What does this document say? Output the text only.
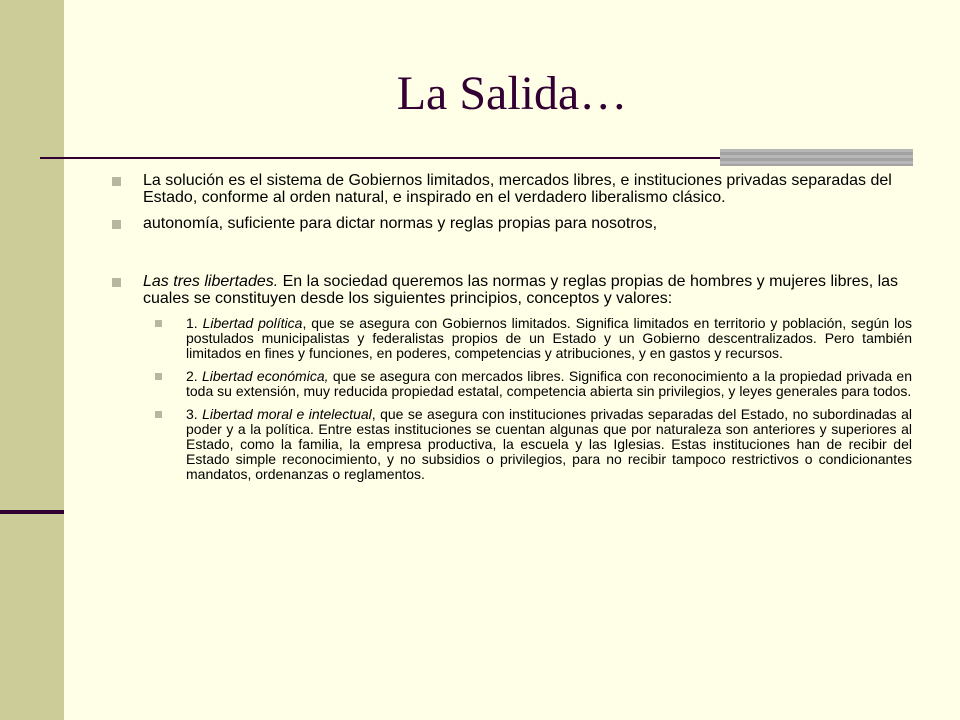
La Salida…
La solución es el sistema de Gobiernos limitados, mercados libres, e instituciones privadas separadas del Estado, conforme al orden natural, e inspirado en el verdadero liberalismo clásico.
autonomía, suficiente para dictar normas y reglas propias para nosotros,
Las tres libertades. En la sociedad queremos las normas y reglas propias de hombres y mujeres libres, las cuales se constituyen desde los siguientes principios, conceptos y valores:
1. Libertad política, que se asegura con Gobiernos limitados. Significa limitados en territorio y población, según los postulados municipalistas y federalistas propios de un Estado y un Gobierno descentralizados. Pero también limitados en fines y funciones, en poderes, competencias y atribuciones, y en gastos y recursos.
2. Libertad económica, que se asegura con mercados libres. Significa con reconocimiento a la propiedad privada en toda su extensión, muy reducida propiedad estatal, competencia abierta sin privilegios, y leyes generales para todos.
3. Libertad moral e intelectual, que se asegura con instituciones privadas separadas del Estado, no subordinadas al poder y a la política. Entre estas instituciones se cuentan algunas que por naturaleza son anteriores y superiores al Estado, como la familia, la empresa productiva, la escuela y las Iglesias. Estas instituciones han de recibir del Estado simple reconocimiento, y no subsidios o privilegios, para no recibir tampoco restrictivos o condicionantes mandatos, ordenanzas o reglamentos.
